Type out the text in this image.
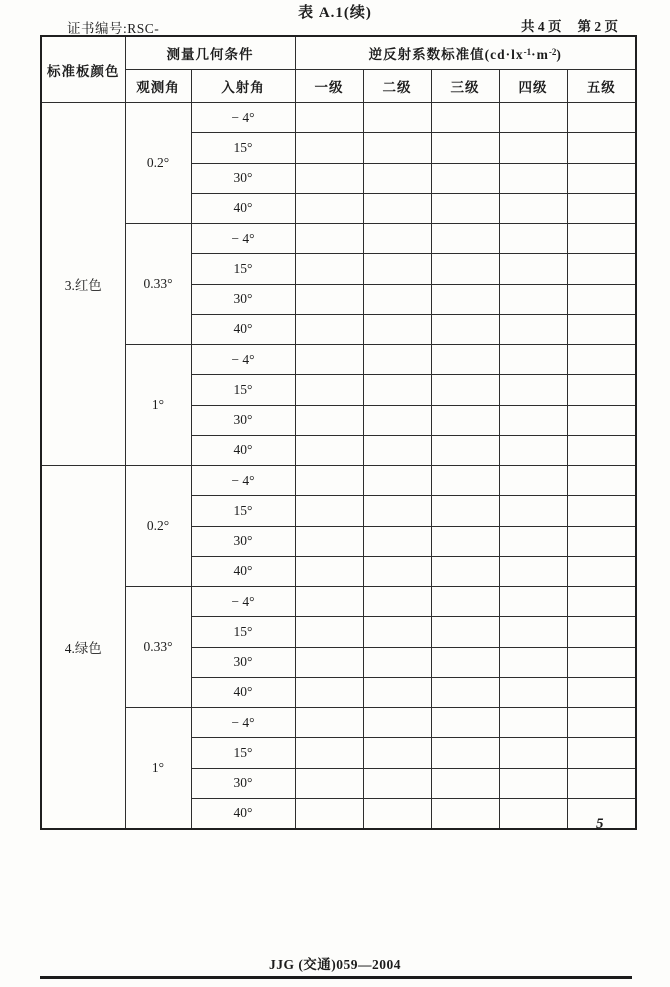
表 A.1(续)
证书编号:RSC-	共 4 页 第 2 页
标准板颜色	测量几何条件		逆反射系数标准值$(cd\cdot lx^{-1}\cdot m^{-2})$				
	观测角	入射角	一级	二级	三级	四级	五级
3.红色	0.2°	− 4°					
		15°					
		30°					
		40°					
	0.33°	− 4°					
		15°					
		30°					
		40°					
	1°	− 4°					
		15°					
		30°					
		40°					
4.绿色	0.2°	− 4°					
		15°					
		30°					
		40°					
	0.33°	− 4°					
		15°					
		30°					
		40°					
	1°	− 4°					
		15°					
		30°					
		40°					
5
JJG (交通)059—2004
